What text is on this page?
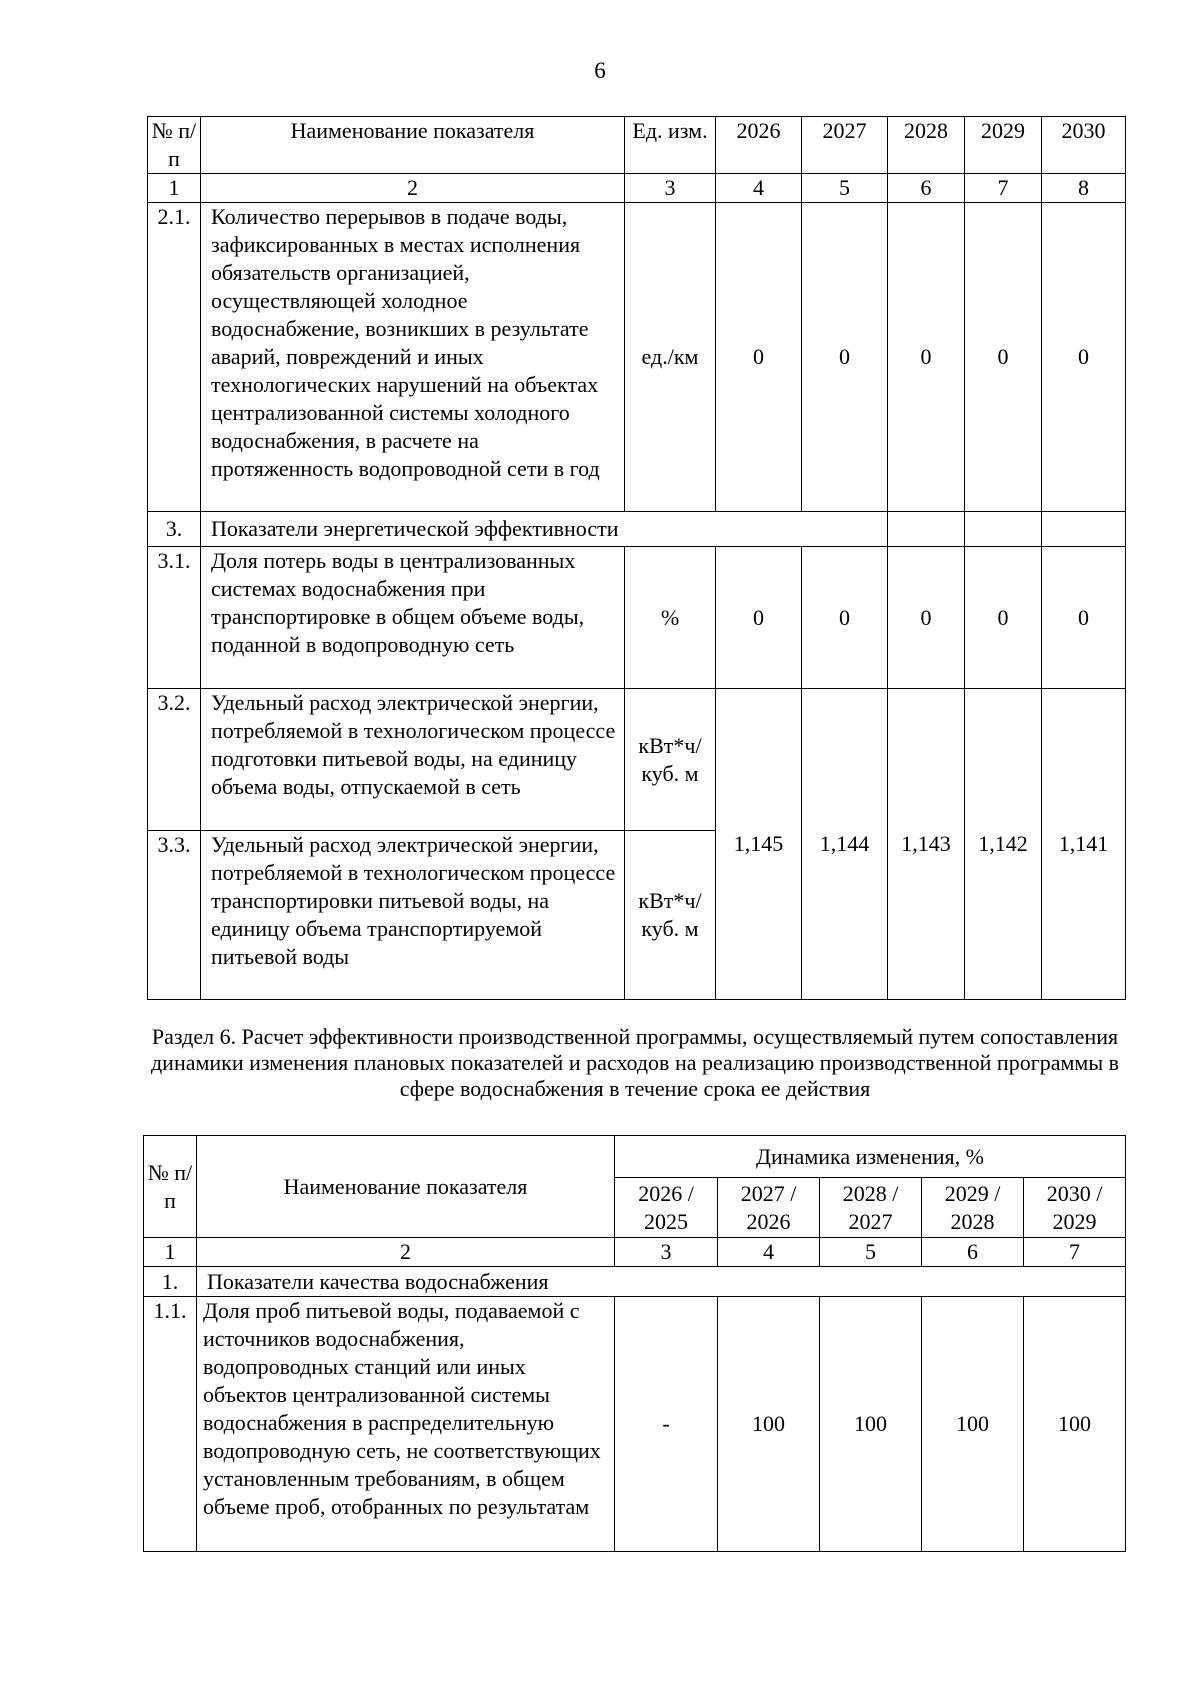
6
№ п/п	Наименование показателя	Ед. изм.	2026	2027	2028	2029	2030
1	2	3	4	5	6	7	8
2.1.	Количество перерывов в подаче воды, зафиксированных в местах исполнения обязательств организацией, осуществляющей холодное водоснабжение, возникших в результате аварий, повреждений и иных технологических нарушений на объектах централизованной системы холодного водоснабжения, в расчете на протяженность водопроводной сети в год	ед./км	0	0	0	0	0
3.	Показатели энергетической эффективности						
3.1.	Доля потерь воды в централизованных системах водоснабжения при транспортировке в общем объеме воды, поданной в водопроводную сеть	%	0	0	0	0	0
3.2.	Удельный расход электрической энергии, потребляемой в технологическом процессе подготовки питьевой воды, на единицу объема воды, отпускаемой в сеть	кВт*ч/ куб. м	1,145	1,144	1,143	1,142	1,141
3.3.	Удельный расход электрической энергии, потребляемой в технологическом процессе транспортировки питьевой воды, на единицу объема транспортируемой питьевой воды	кВт*ч/ куб. м					
Раздел 6. Расчет эффективности производственной программы, осуществляемый путем сопоставления динамики изменения плановых показателей и расходов на реализацию производственной программы в сфере водоснабжения в течение срока ее действия
№ п/п	Наименование показателя	Динамика изменения, %				
		2026 / 2025	2027 / 2026	2028 / 2027	2029 / 2028	2030 / 2029
1	2	3	4	5	6	7
1.	Показатели качества водоснабжения					
1.1.	Доля проб питьевой воды, подаваемой с источников водоснабжения, водопроводных станций или иных объектов централизованной системы водоснабжения в распределительную водопроводную сеть, не соответствующих установленным требованиям, в общем объеме проб, отобранных по результатам	-	100	100	100	100
